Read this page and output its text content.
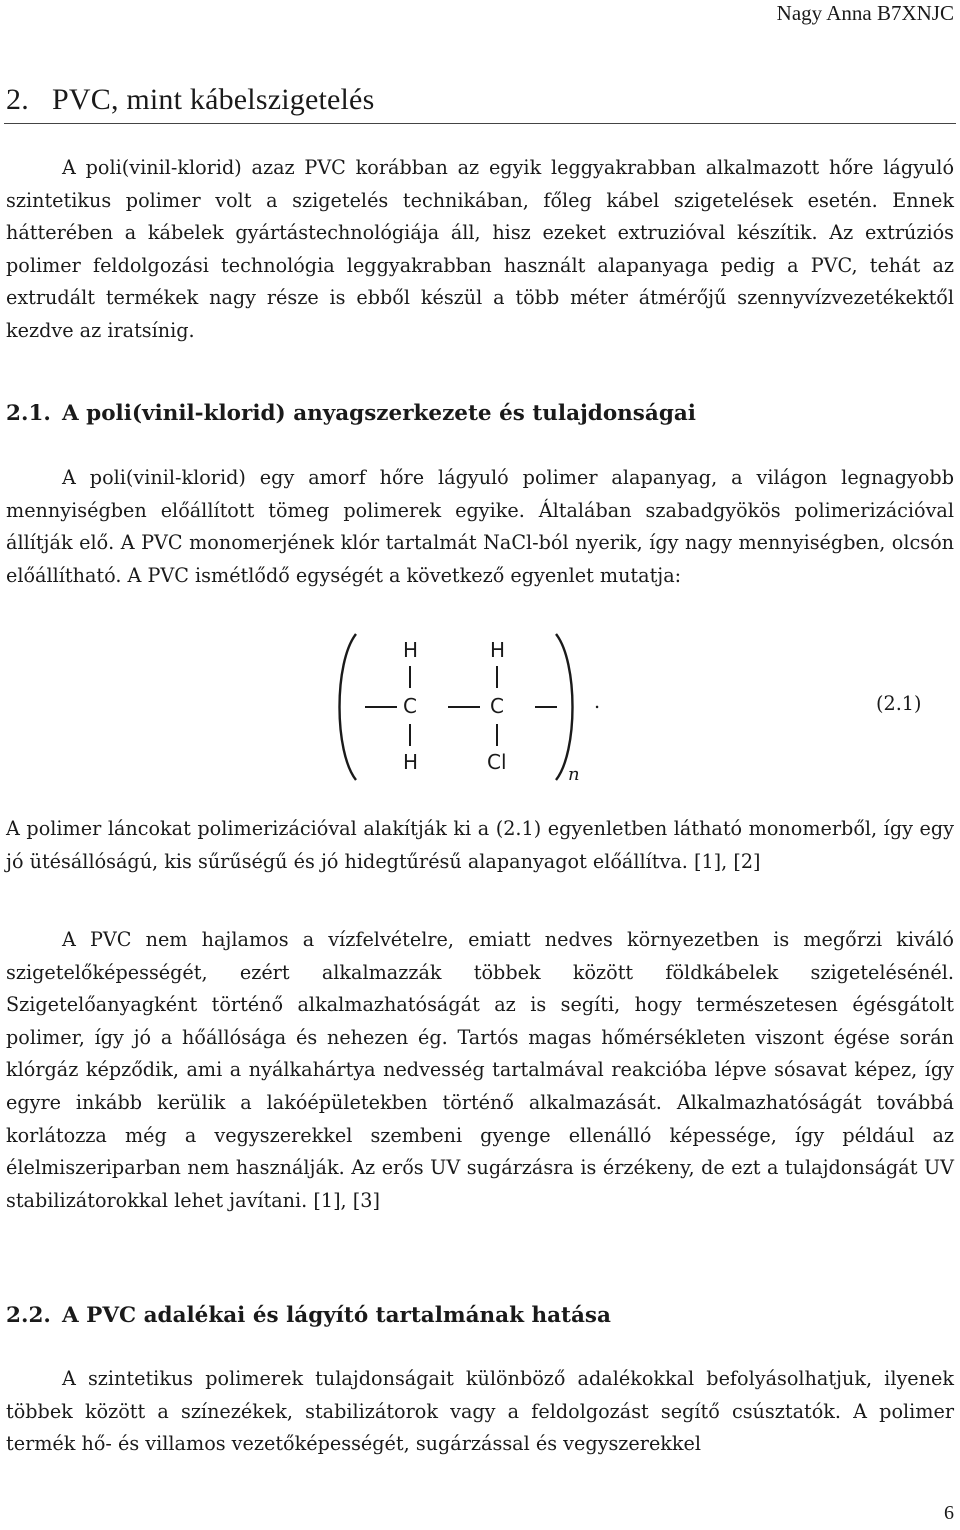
Nagy Anna B7XNJC
2. PVC, mint kábelszigetelés

A poli(vinil-klorid) azaz PVC korábban az egyik leggyakrabban alkalmazott hőre lágyuló szintetikus polimer volt a szigetelés technikában, főleg kábel szigetelések esetén. Ennek hátterében a kábelek gyártástechnológiája áll, hisz ezeket extruzióval készítik. Az extrúziós polimer feldolgozási technológia leggyakrabban használt alapanyaga pedig a PVC, tehát az extrudált termékek nagy része is ebből készül a több méter átmérőjű szennyvízvezetékektől kezdve az iratsínig.

2.1. A poli(vinil-klorid) anyagszerkezete és tulajdonságai

A poli(vinil-klorid) egy amorf hőre lágyuló polimer alapanyag, a világon legnagyobb mennyiségben előállított tömeg polimerek egyike. Általában szabadgyökös polimerizációval állítják elő. A PVC monomerjének klór tartalmát NaCl-ból nyerik, így nagy mennyiségben, olcsón előállítható. A PVC ismétlődő egységét a következő egyenlet mutatja:

H	H
C	C
H	Cl
n
.	(2.1)

A polimer láncokat polimerizációval alakítják ki a (2.1) egyenletben látható monomerből, így egy jó ütésállóságú, kis sűrűségű és jó hidegtűrésű alapanyagot előállítva. [1], [2]

A PVC nem hajlamos a vízfelvételre, emiatt nedves környezetben is megőrzi kiváló szigetelőképességét, ezért alkalmazzák többek között földkábelek szigetelésénél. Szigetelőanyagként történő alkalmazhatóságát az is segíti, hogy természetesen égésgátolt polimer, így jó a hőállósága és nehezen ég. Tartós magas hőmérsékleten viszont égése során klórgáz képződik, ami a nyálkahártya nedvesség tartalmával reakcióba lépve sósavat képez, így egyre inkább kerülik a lakóépületekben történő alkalmazását. Alkalmazhatóságát továbbá korlátozza még a vegyszerekkel szembeni gyenge ellenálló képessége, így például az élelmiszeriparban nem használják. Az erős UV sugárzásra is érzékeny, de ezt a tulajdonságát UV stabilizátorokkal lehet javítani. [1], [3]

2.2. A PVC adalékai és lágyító tartalmának hatása

A szintetikus polimerek tulajdonságait különböző adalékokkal befolyásolhatjuk, ilyenek többek között a színezékek, stabilizátorok vagy a feldolgozást segítő csúsztatók. A polimer termék hő- és villamos vezetőképességét, sugárzással és vegyszerekkel

6
